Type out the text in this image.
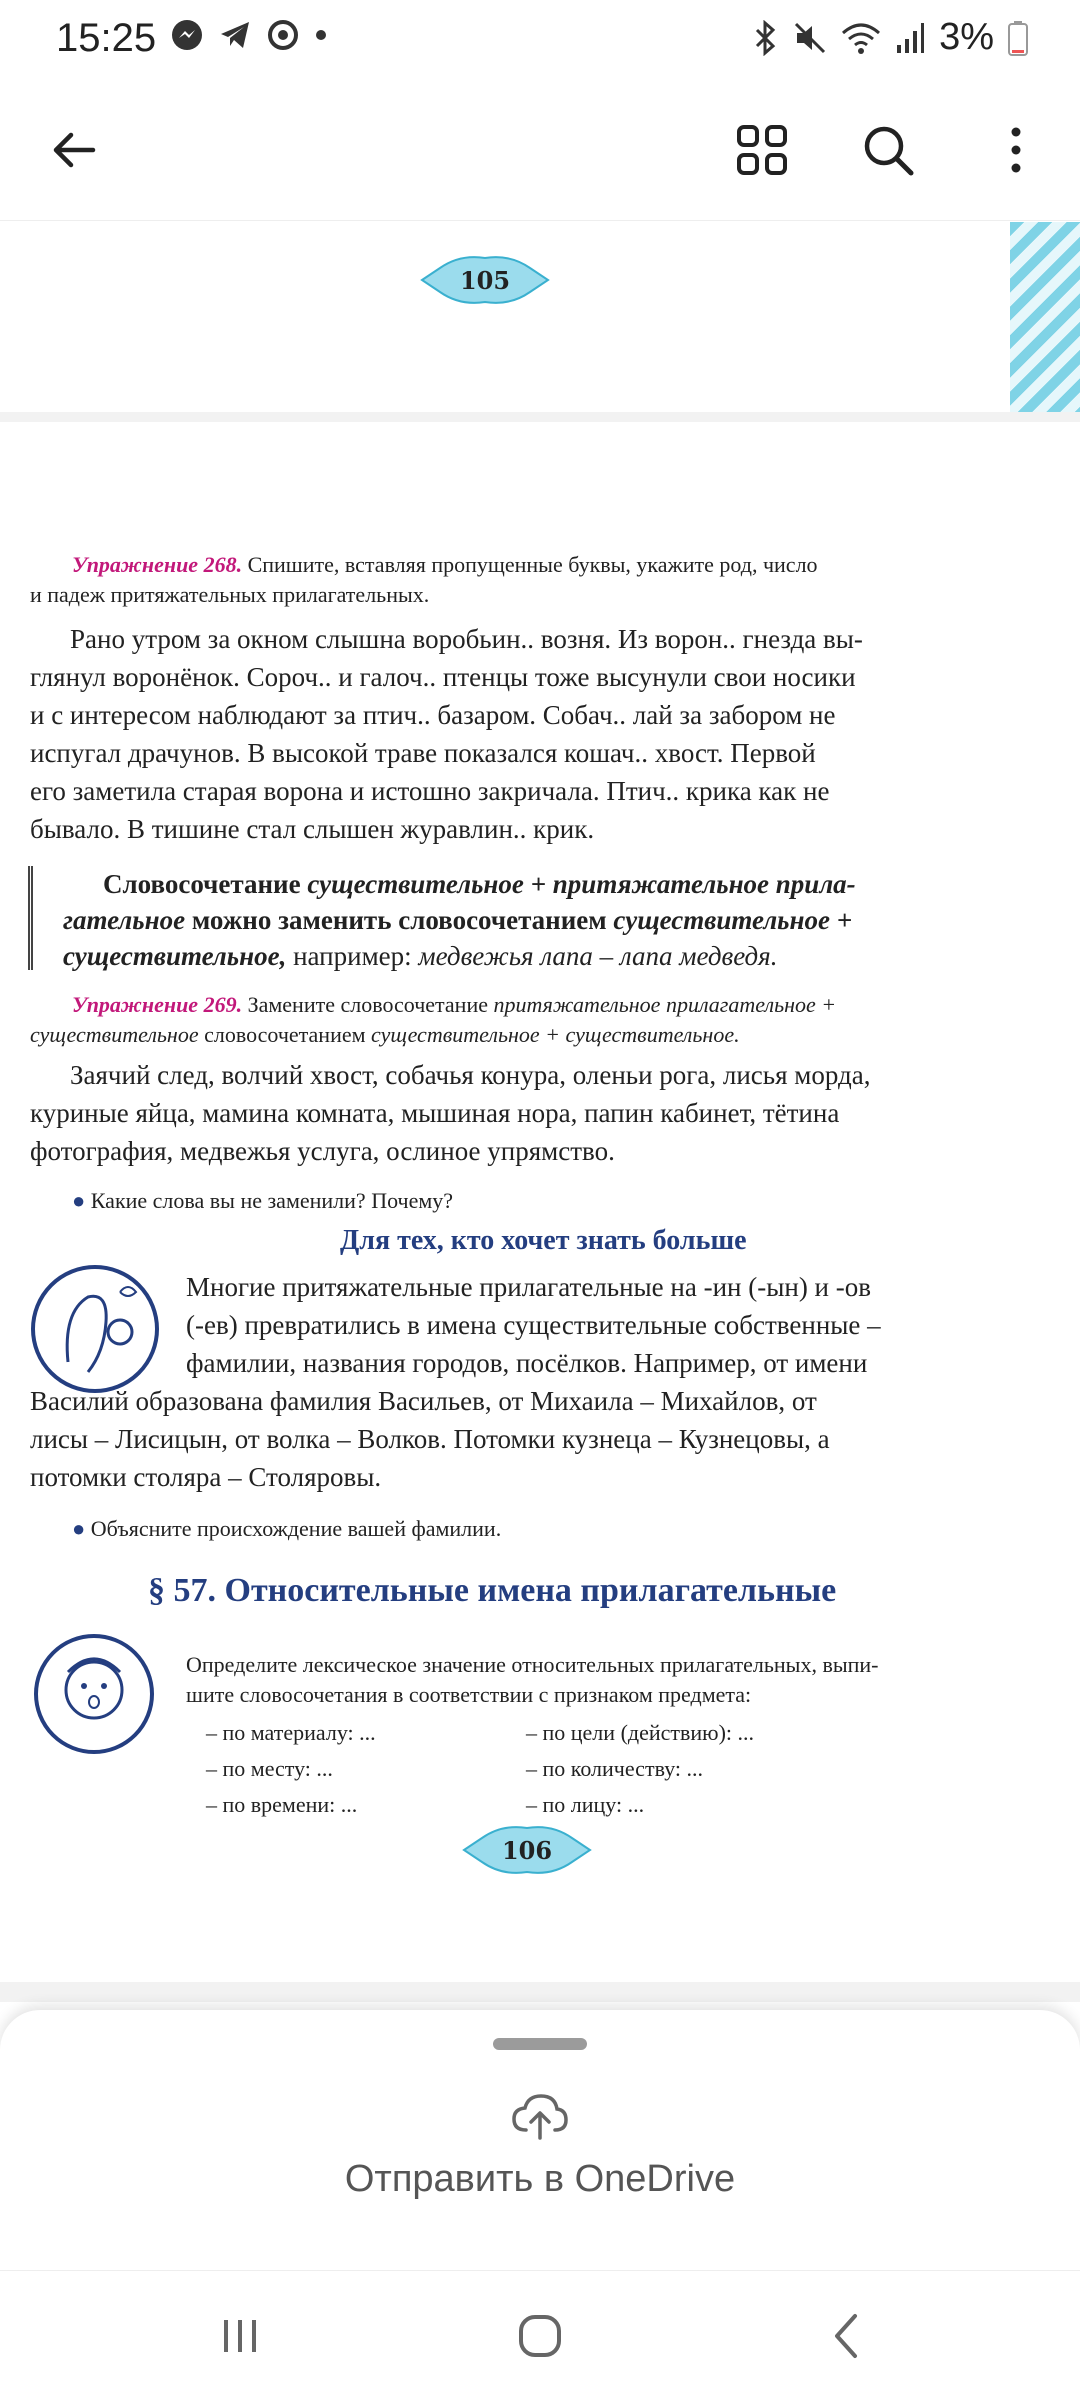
15:25	3%
105
Упражнение 268. Спишите, вставляя пропущенные буквы, укажите род, число
и падеж притяжательных прилагательных.
Рано утром за окном слышна воробьин.. возня. Из ворон.. гнезда вы-
глянул воронёнок. Сороч.. и галоч.. птенцы тоже высунули свои носики
и с интересом наблюдают за птич.. базаром. Собач.. лай за забором не
испугал драчунов. В высокой траве показался кошач.. хвост. Первой
его заметила старая ворона и истошно закричала. Птич.. крика как не
бывало. В тишине стал слышен журавлин.. крик.
Словосочетание существительное + притяжательное прила-
гательное можно заменить словосочетанием существительное +
существительное, например: медвежья лапа – лапа медведя.
Упражнение 269. Замените словосочетание притяжательное прилагательное +
существительное словосочетанием существительное + существительное.
Заячий след, волчий хвост, собачья конура, оленьи рога, лисья морда,
куриные яйца, мамина комната, мышиная нора, папин кабинет, тётина
фотография, медвежья услуга, ослиное упрямство.
● Какие слова вы не заменили? Почему?
Для тех, кто хочет знать больше
Многие притяжательные прилагательные на -ин (-ын) и -ов
(-ев) превратились в имена существительные собственные –
фамилии, названия городов, посёлков. Например, от имени
Василий образована фамилия Васильев, от Михаила – Михайлов, от
лисы – Лисицын, от волка – Волков. Потомки кузнеца – Кузнецовы, а
потомки столяра – Столяровы.
● Объясните происхождение вашей фамилии.
§ 57. Относительные имена прилагательные
Определите лексическое значение относительных прилагательных, выпи-
шите словосочетания в соответствии с признаком предмета:
– по материалу: ...
– по месту: ...
– по времени: ...
– по цели (действию): ...
– по количеству: ...
– по лицу: ...
106
Отправить в OneDrive
